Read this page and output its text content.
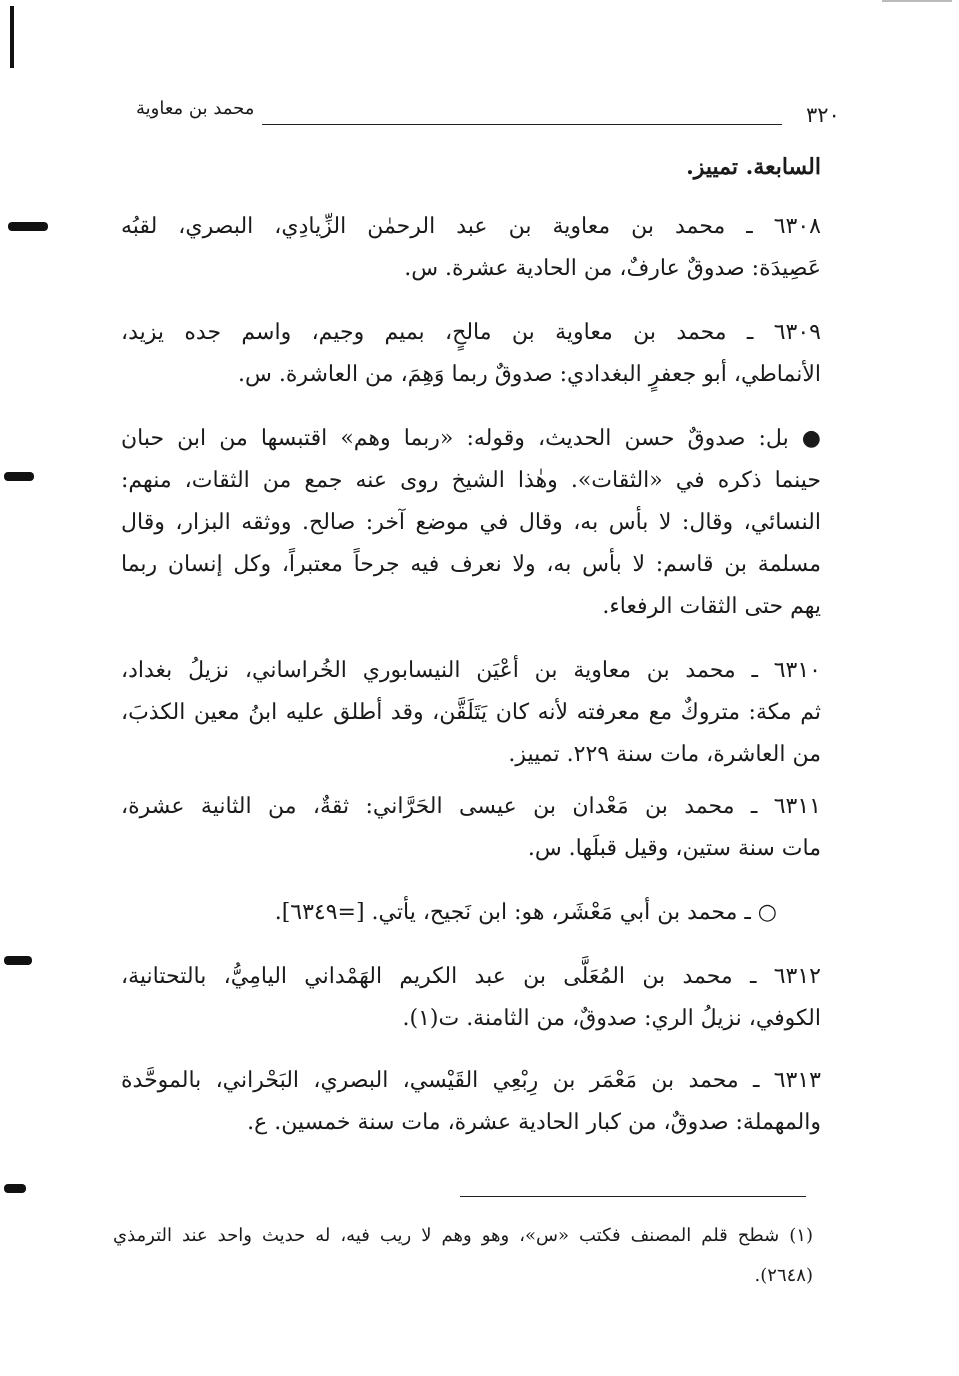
٣٢٠
محمد بن معاوية
السابعة. تمييز.
٦٣٠٨ ـ محمد بن معاوية بن عبد الرحمٰن الزِّيادِي، البصري، لقبُه
عَصِيدَة: صدوقٌ عارفٌ، من الحادية عشرة. س.
٦٣٠٩ ـ محمد بن معاوية بن مالحٍ، بميم وجيم، واسم جده يزيد،
الأنماطي، أبو جعفرٍ البغدادي: صدوقٌ ربما وَهِمَ، من العاشرة. س.
● بل: صدوقٌ حسن الحديث، وقوله: «ربما وهم» اقتبسها من ابن حبان
حينما ذكره في «الثقات». وهٰذا الشيخ روى عنه جمع من الثقات، منهم:
النسائي، وقال: لا بأس به، وقال في موضع آخر: صالح. ووثقه البزار، وقال
مسلمة بن قاسم: لا بأس به، ولا نعرف فيه جرحاً معتبراً، وكل إنسان ربما
يهم حتى الثقات الرفعاء.
٦٣١٠ ـ محمد بن معاوية بن أعْيَن النيسابوري الخُراساني، نزيلُ بغداد،
ثم مكة: متروكٌ مع معرفته لأنه كان يَتَلَقَّن، وقد أطلق عليه ابنُ معين الكذبَ،
من العاشرة، مات سنة ٢٢٩. تمييز.
٦٣١١ ـ محمد بن مَعْدان بن عيسى الحَرَّاني: ثقةٌ، من الثانية عشرة،
مات سنة ستين، وقيل قبلَها. س.
○ ـ محمد بن أبي مَعْشَر، هو: ابن نَجيح، يأتي. [=٦٣٤٩].
٦٣١٢ ـ محمد بن المُعَلَّى بن عبد الكريم الهَمْداني اليامِيُّ، بالتحتانية،
الكوفي، نزيلُ الري: صدوقٌ، من الثامنة. ت(١).
٦٣١٣ ـ محمد بن مَعْمَر بن رِبْعِي القَيْسي، البصري، البَحْراني، بالموحَّدة
والمهملة: صدوقٌ، من كبار الحادية عشرة، مات سنة خمسين. ع.
(١) شطح قلم المصنف فكتب «س»، وهو وهم لا ريب فيه، له حديث واحد عند الترمذي
(٢٦٤٨).
